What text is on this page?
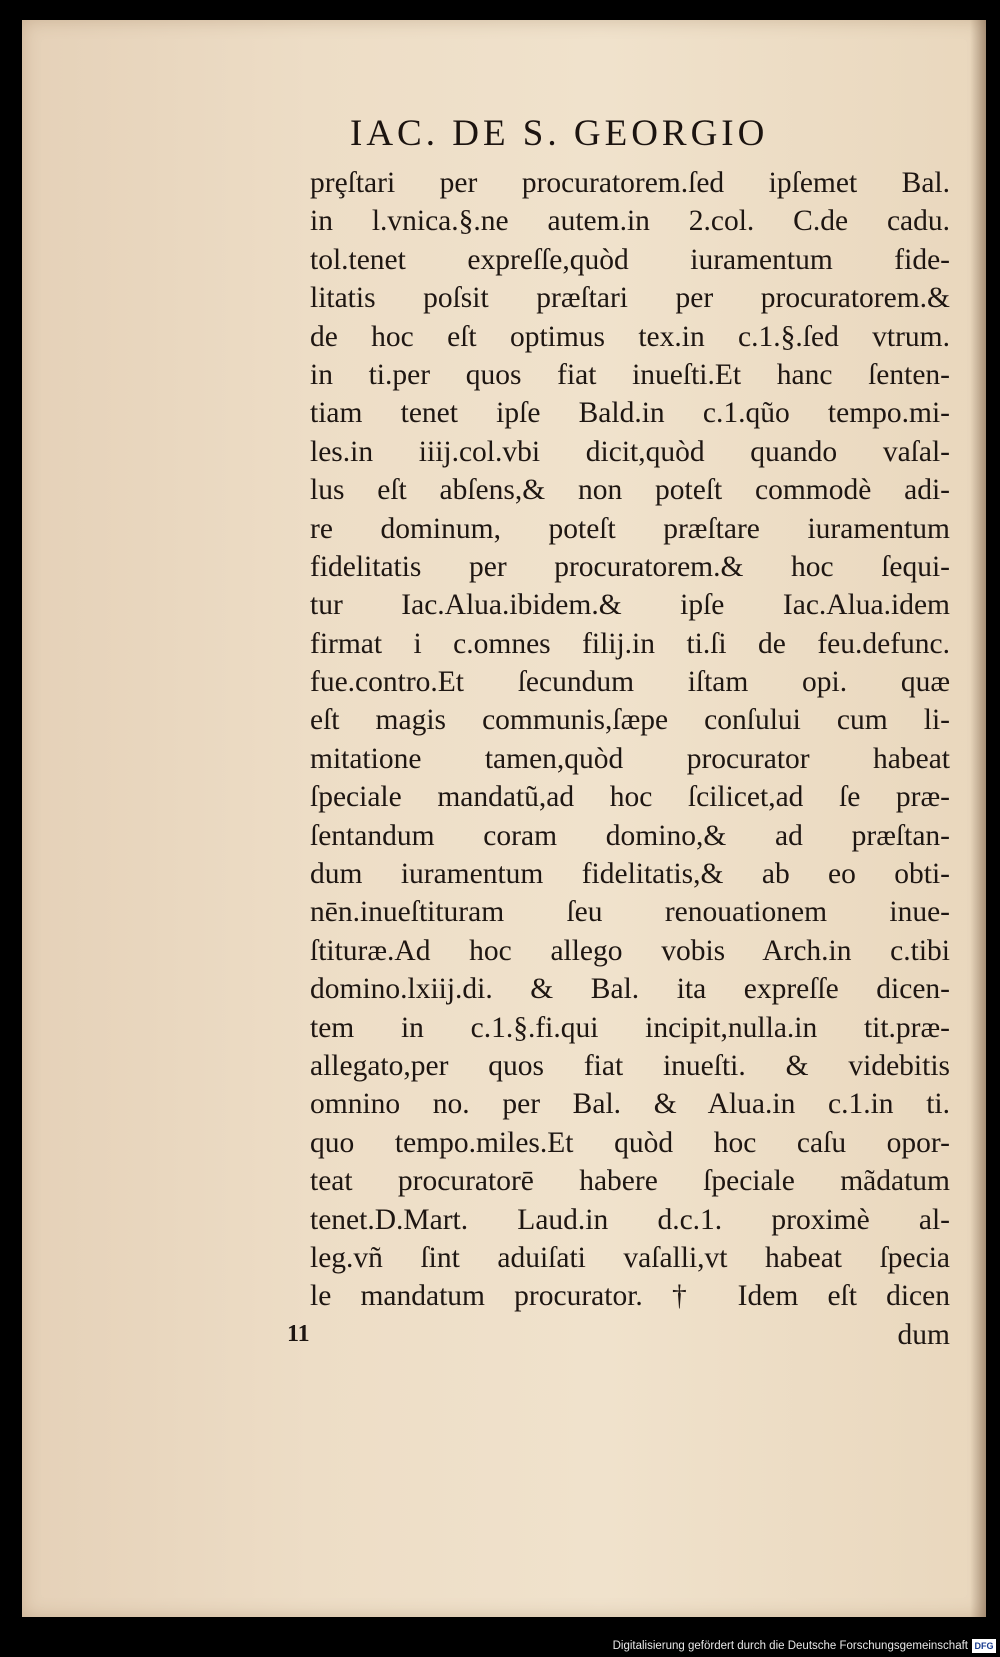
IAC. DE S. GEORGIO
prȩſtari per procuratorem.ſed ipſemet Bal.
in l.vnica.§.ne autem.in 2.col. C.de cadu.
tol.tenet expreſſe,quòd iuramentum fide-
litatis poſsit præſtari per procuratorem.&
de hoc eſt optimus tex.in c.1.§.ſed vtrum.
in ti.per quos fiat inueſti.Et hanc ſenten-
tiam tenet ipſe Bald.in c.1.qũo tempo.mi-
les.in iiij.col.vbi dicit,quòd quando vaſal-
lus eſt abſens,& non poteſt commodè adi-
re dominum, poteſt præſtare iuramentum
fidelitatis per procuratorem.& hoc ſequi-
tur Iac.Alua.ibidem.& ipſe Iac.Alua.idem
firmat i c.omnes filij.in ti.ſi de feu.defunc.
fue.contro.Et ſecundum iſtam opi. quæ
eſt magis communis,ſæpe conſului cum li-
mitatione tamen,quòd procurator habeat
ſpeciale mandatũ,ad hoc ſcilicet,ad ſe præ-
ſentandum coram domino,& ad præſtan-
dum iuramentum fidelitatis,& ab eo obti-
nēn.inueſtituram ſeu renouationem inue-
ſtituræ.Ad hoc allego vobis Arch.in c.tibi
domino.lxiij.di. & Bal. ita expreſſe dicen-
tem in c.1.§.fi.qui incipit,nulla.in tit.præ-
allegato,per quos fiat inueſti. & videbitis
omnino no. per Bal. & Alua.in c.1.in ti.
quo tempo.miles.Et quòd hoc caſu opor-
teat procuratorē habere ſpeciale mãdatum
tenet.D.Mart. Laud.in d.c.1. proximè al-
leg.vñ ſint aduiſati vaſalli,vt habeat ſpecia
le mandatum procurator. † Idem eſt dicen
dum
11
Digitalisierung gefördert durch die Deutsche Forschungsgemeinschaft DFG
